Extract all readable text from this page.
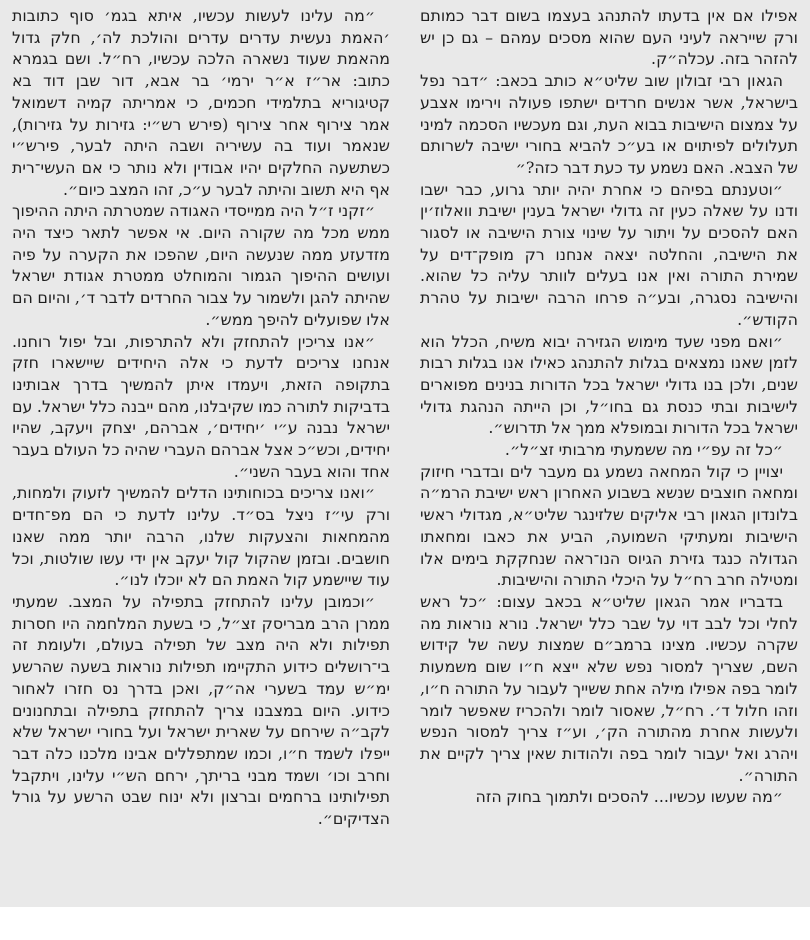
אפילו אם אין בדעתו להתנהג בעצמו בשום דבר כמותם ורק שייראה לעיני העם שהוא מסכים עמהם – גם כן יש להזהר בזה. עכלה״ק.

הגאון רבי זבולון שוב שליט״א כותב בכאב: ״דבר נפל בישראל, אשר אנשים חרדים ישתפו פעולה וירימו אצבע על צמצום הישיבות בבוא העת, וגם מעכשיו הסכמה למיני תעלולים לפיתוים או בע״כ להביא בחורי ישיבה לשרותם של הצבא. האם נשמע עד כעת דבר כזה?״

״וטענתם בפיהם כי אחרת יהיה יותר גרוע, כבר ישבו ודנו על שאלה כעין זה גדולי ישראל בענין ישיבת וואלוז׳ין האם להסכים על ויתור על שינוי צורת הישיבה או לסגור את הישיבה, והחלטה יצאה אנחנו רק מופק־דים על שמירת התורה ואין אנו בעלים לוותר עליה כל שהוא. והישיבה נסגרה, ובע״ה פרחו הרבה ישיבות על טהרת הקודש״.

״ואם מפני שעד מימוש הגזירה יבוא משיח, הכלל הוא לזמן שאנו נמצאים בגלות להתנהג כאילו אנו בגלות רבות שנים, ולכן בנו גדולי ישראל בכל הדורות בנינים מפוארים לישיבות ובתי כנסת גם בחו״ל, וכן הייתה הנהגת גדולי ישראל בכל הדורות ובמופלא ממך אל תדרוש״.

״כל זה עפ״י מה ששמעתי מרבותי זצ״ל״.

יצויין כי קול המחאה נשמע גם מעבר לים ובדברי חיזוק ומחאה חוצבים שנשא בשבוע האחרון ראש ישיבת הרמ״ה בלונדון הגאון רבי אליקים שלזינגר שליט״א, מגדולי ראשי הישיבות ומעתיקי השמועה, הביע את כאבו ומחאתו הגדולה כנגד גזירת הגיוס הנו־ראה שנחקקת בימים אלו ומטילה חרב רח״ל על היכלי התורה והישיבות.

בדבריו אמר הגאון שליט״א בכאב עצום: ״כל ראש לחלי וכל לבב דוי על שבר כלל ישראל. נורא נוראות מה שקרה עכשיו. מצינו ברמב״ם שמצות עשה של קידוש השם, שצריך למסור נפש שלא ייצא ח״ו שום משמעות לומר בפה אפילו מילה אחת ששייך לעבור על התורה ח״ו, וזהו חלול ד׳. רח״ל, שאסור לומר ולהכריז שאפשר לומר ולעשות אחרת מהתורה הק׳, וע״ז צריך למסור הנפש ויהרג ואל יעבור לומר בפה ולהודות שאין צריך לקיים את התורה״.

״מה שעשו עכשיו... להסכים ולתמוך בחוק הזה

״מה עלינו לעשות עכשיו, איתא בגמ׳ סוף כתובות ׳האמת נעשית עדרים עדרים והולכת לה׳, חלק גדול מהאמת שעוד נשארה הלכה עכשיו, רח״ל. ושם בגמרא כתוב: אר״ז א״ר ירמי׳ בר אבא, דור שבן דוד בא קטיגוריא בתלמידי חכמים, כי אמריתה קמיה דשמואל אמר צירוף אחר צירוף (פירש רש״י: גזירות על גזירות), שנאמר ועוד בה עשיריה ושבה היתה לבער, פירש״י כשתשעה החלקים יהיו אבודין ולא נותר כי אם העשי־רית אף היא תשוב והיתה לבער ע״כ, זהו המצב כיום״.

״זקני ז״ל היה ממייסדי האגודה שמטרתה היתה ההיפוך ממש מכל מה שקורה היום. אי אפשר לתאר כיצד היה מזדעזע ממה שנעשה היום, שהפכו את הקערה על פיה ועושים ההיפוך הגמור והמוחלט ממטרת אגודת ישראל שהיתה להגן ולשמור על צבור החרדים לדבר ד׳, והיום הם אלו שפועלים להיפך ממש״.

״אנו צריכין להתחזק ולא להתרפות, ובל יפול רוחנו. אנחנו צריכים לדעת כי אלה היחידים שיישארו חזק בתקופה הזאת, ויעמדו איתן להמשיך בדרך אבותינו בדביקות לתורה כמו שקיבלנו, מהם ייבנה כלל ישראל. עם ישראל נבנה ע״י ׳יחידים׳, אברהם, יצחק ויעקב, שהיו יחידים, וכש״כ אצל אברהם העברי שהיה כל העולם בעבר אחד והוא בעבר השני״.

״ואנו צריכים בכוחותינו הדלים להמשיך לזעוק ולמחות, ורק עי״ז ניצל בס״ד. עלינו לדעת כי הם מפ־חדים מהמחאות והצעקות שלנו, הרבה יותר ממה שאנו חושבים. ובזמן שהקול קול יעקב אין ידי עשו שולטות, וכל עוד שיישמע קול האמת הם לא יוכלו לנו״.

״וכמובן עלינו להתחזק בתפילה על המצב. שמעתי ממרן הרב מבריסק זצ״ל, כי בשעת המלחמה היו חסרות תפילות ולא היה מצב של תפילה בעולם, ולעומת זה בי־רושלים כידוע התקיימו תפילות נוראות בשעה שהרשע ימ״ש עמד בשערי אה״ק, ואכן בדרך נס חזרו לאחור כידוע. היום במצבנו צריך להתחזק בתפילה ובתחנונים לקב״ה שירחם על שארית ישראל ועל בחורי ישראל שלא ייפלו לשמד ח״ו, וכמו שמתפללים אבינו מלכנו כלה דבר וחרב וכו׳ ושמד מבני בריתך, ירחם הש״י עלינו, ויתקבל תפילותינו ברחמים וברצון ולא ינוח שבט הרשע על גורל הצדיקים״.
